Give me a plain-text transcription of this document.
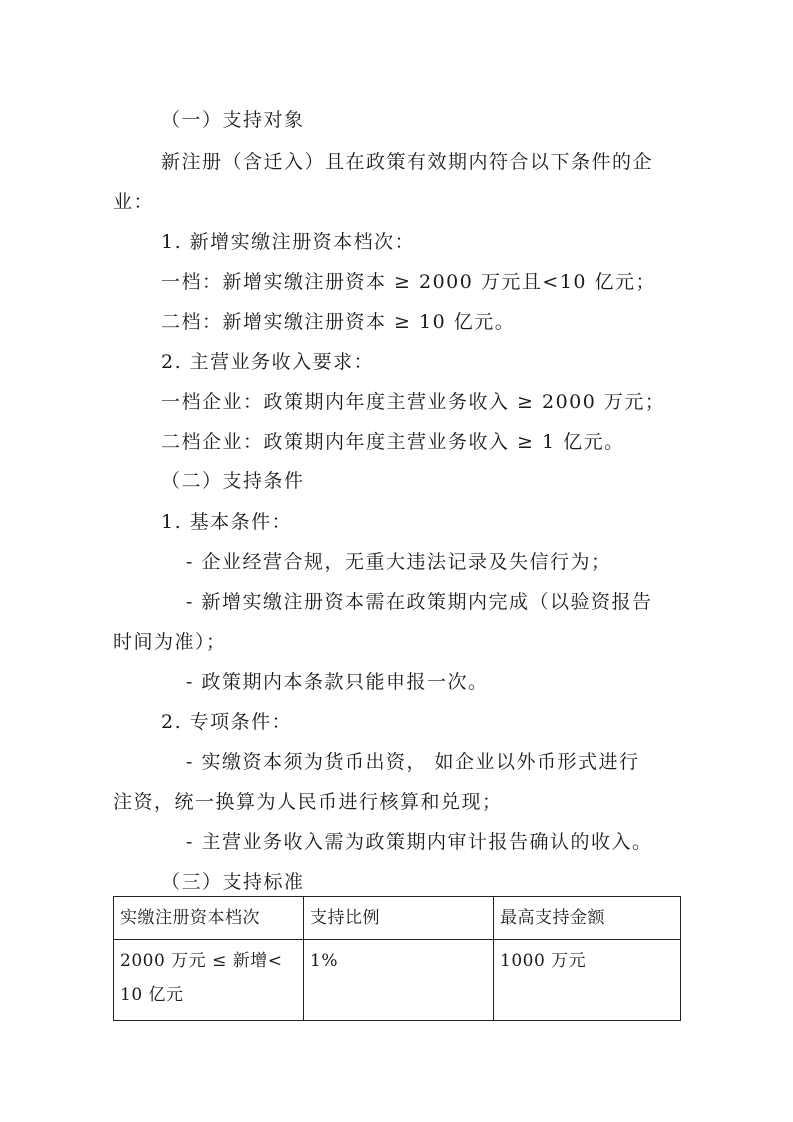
（一）支持对象
新注册（含迁入）且在政策有效期内符合以下条件的企
业：
1. 新增实缴注册资本档次：
一档：新增实缴注册资本 ≥ 2000 万元且<10 亿元；
二档：新增实缴注册资本 ≥ 10 亿元。
2. 主营业务收入要求：
一档企业：政策期内年度主营业务收入 ≥ 2000 万元；
二档企业：政策期内年度主营业务收入 ≥ 1 亿元。
（二）支持条件
1. 基本条件：
- 企业经营合规，无重大违法记录及失信行为；
- 新增实缴注册资本需在政策期内完成（以验资报告
时间为准）；
- 政策期内本条款只能申报一次。
2. 专项条件：
- 实缴资本须为货币出资， 如企业以外币形式进行
注资，统一换算为人民币进行核算和兑现；
- 主营业务收入需为政策期内审计报告确认的收入。
（三）支持标准
实缴注册资本档次	支持比例	最高支持金额
2000 万元 ≤ 新增< 10 亿元	1%	1000 万元
